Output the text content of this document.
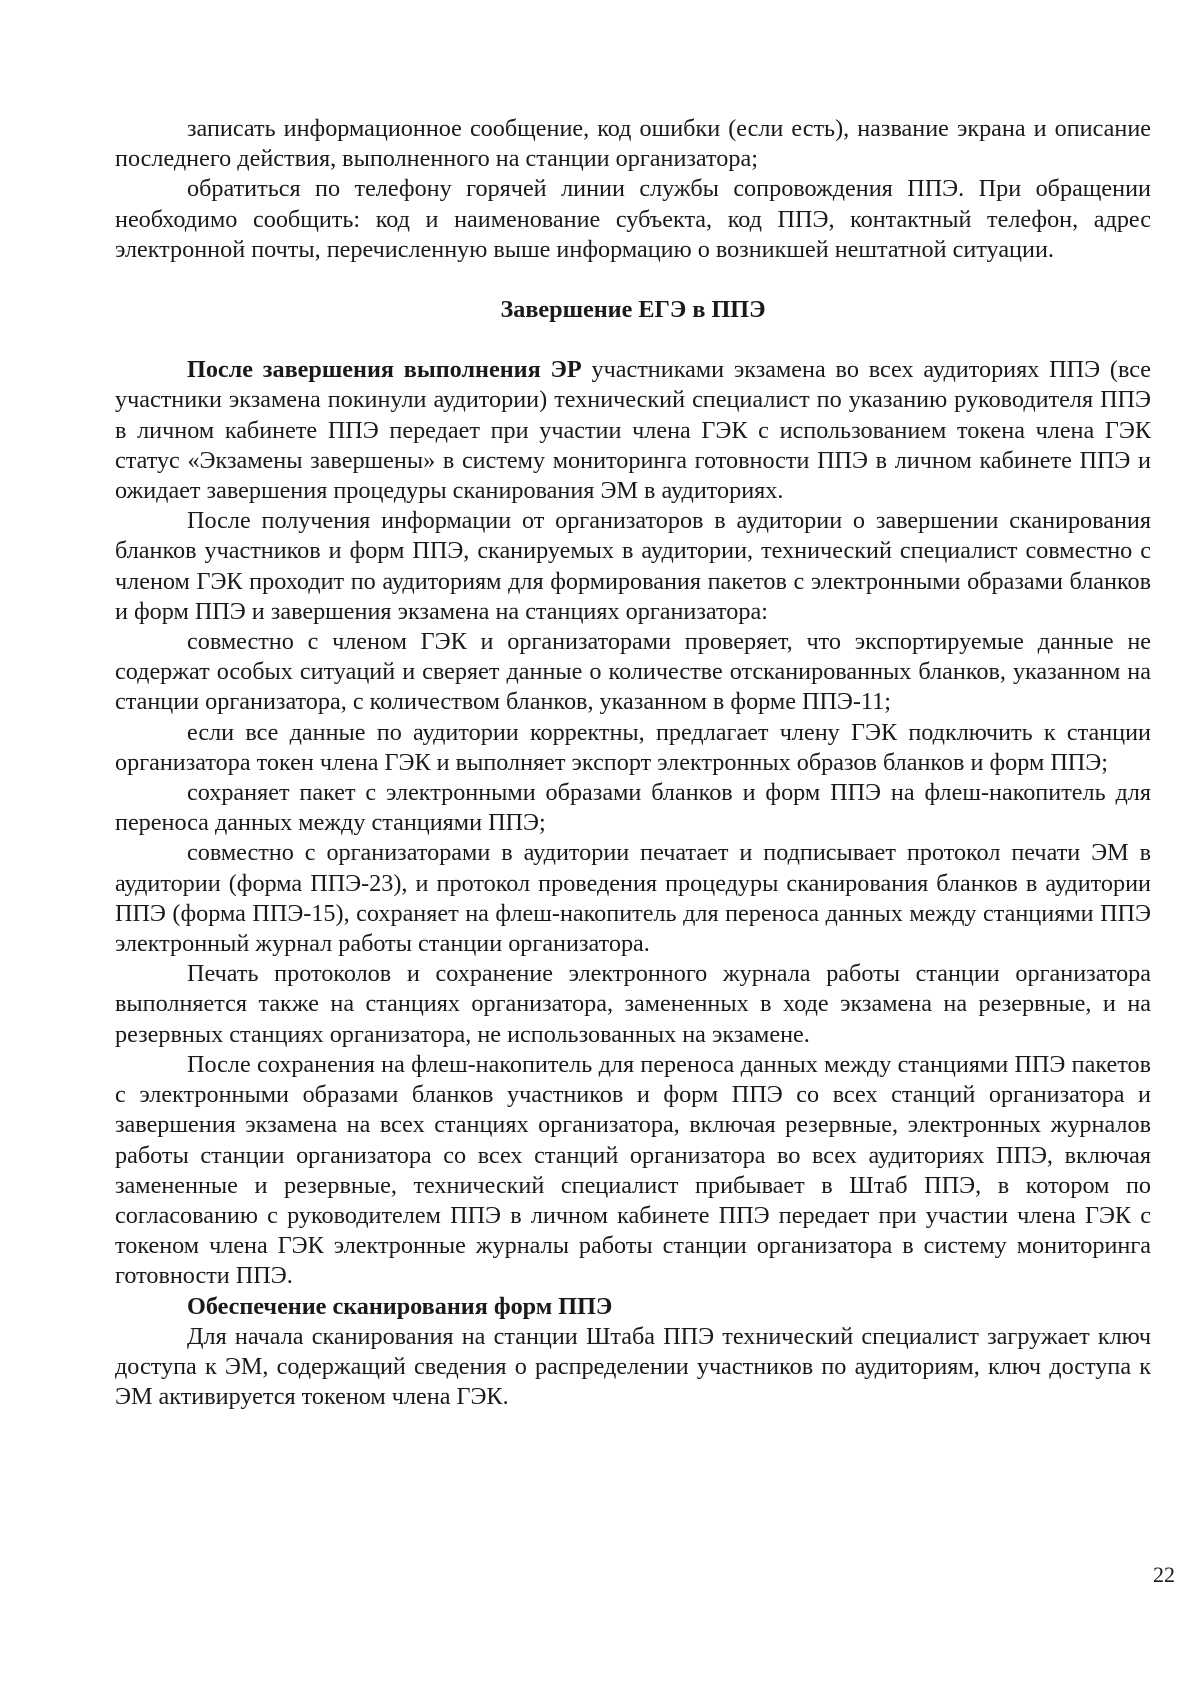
записать информационное сообщение, код ошибки (если есть), название экрана и описание последнего действия, выполненного на станции организатора;

обратиться по телефону горячей линии службы сопровождения ППЭ. При обращении необходимо сообщить: код и наименование субъекта, код ППЭ, контактный телефон, адрес электронной почты, перечисленную выше информацию о возникшей нештатной ситуации.

Завершение ЕГЭ в ППЭ

После завершения выполнения ЭР участниками экзамена во всех аудиториях ППЭ (все участники экзамена покинули аудитории) технический специалист по указанию руководителя ППЭ в личном кабинете ППЭ передает при участии члена ГЭК с использованием токена члена ГЭК статус «Экзамены завершены» в систему мониторинга готовности ППЭ в личном кабинете ППЭ и ожидает завершения процедуры сканирования ЭМ в аудиториях.

После получения информации от организаторов в аудитории о завершении сканирования бланков участников и форм ППЭ, сканируемых в аудитории, технический специалист совместно с членом ГЭК проходит по аудиториям для формирования пакетов с электронными образами бланков и форм ППЭ и завершения экзамена на станциях организатора:

совместно с членом ГЭК и организаторами проверяет, что экспортируемые данные не содержат особых ситуаций и сверяет данные о количестве отсканированных бланков, указанном на станции организатора, с количеством бланков, указанном в форме ППЭ-11;

если все данные по аудитории корректны, предлагает члену ГЭК подключить к станции организатора токен члена ГЭК и выполняет экспорт электронных образов бланков и форм ППЭ;

сохраняет пакет с электронными образами бланков и форм ППЭ на флеш-накопитель для переноса данных между станциями ППЭ;

совместно с организаторами в аудитории печатает и подписывает протокол печати ЭМ в аудитории (форма ППЭ-23), и протокол проведения процедуры сканирования бланков в аудитории ППЭ (форма ППЭ-15), сохраняет на флеш-накопитель для переноса данных между станциями ППЭ электронный журнал работы станции организатора.

Печать протоколов и сохранение электронного журнала работы станции организатора выполняется также на станциях организатора, замененных в ходе экзамена на резервные, и на резервных станциях организатора, не использованных на экзамене.

После сохранения на флеш-накопитель для переноса данных между станциями ППЭ пакетов с электронными образами бланков участников и форм ППЭ со всех станций организатора и завершения экзамена на всех станциях организатора, включая резервные, электронных журналов работы станции организатора со всех станций организатора во всех аудиториях ППЭ, включая замененные и резервные, технический специалист прибывает в Штаб ППЭ, в котором по согласованию с руководителем ППЭ в личном кабинете ППЭ передает при участии члена ГЭК с токеном члена ГЭК электронные журналы работы станции организатора в систему мониторинга готовности ППЭ.

Обеспечение сканирования форм ППЭ

Для начала сканирования на станции Штаба ППЭ технический специалист загружает ключ доступа к ЭМ, содержащий сведения о распределении участников по аудиториям, ключ доступа к ЭМ активируется токеном члена ГЭК.

22
